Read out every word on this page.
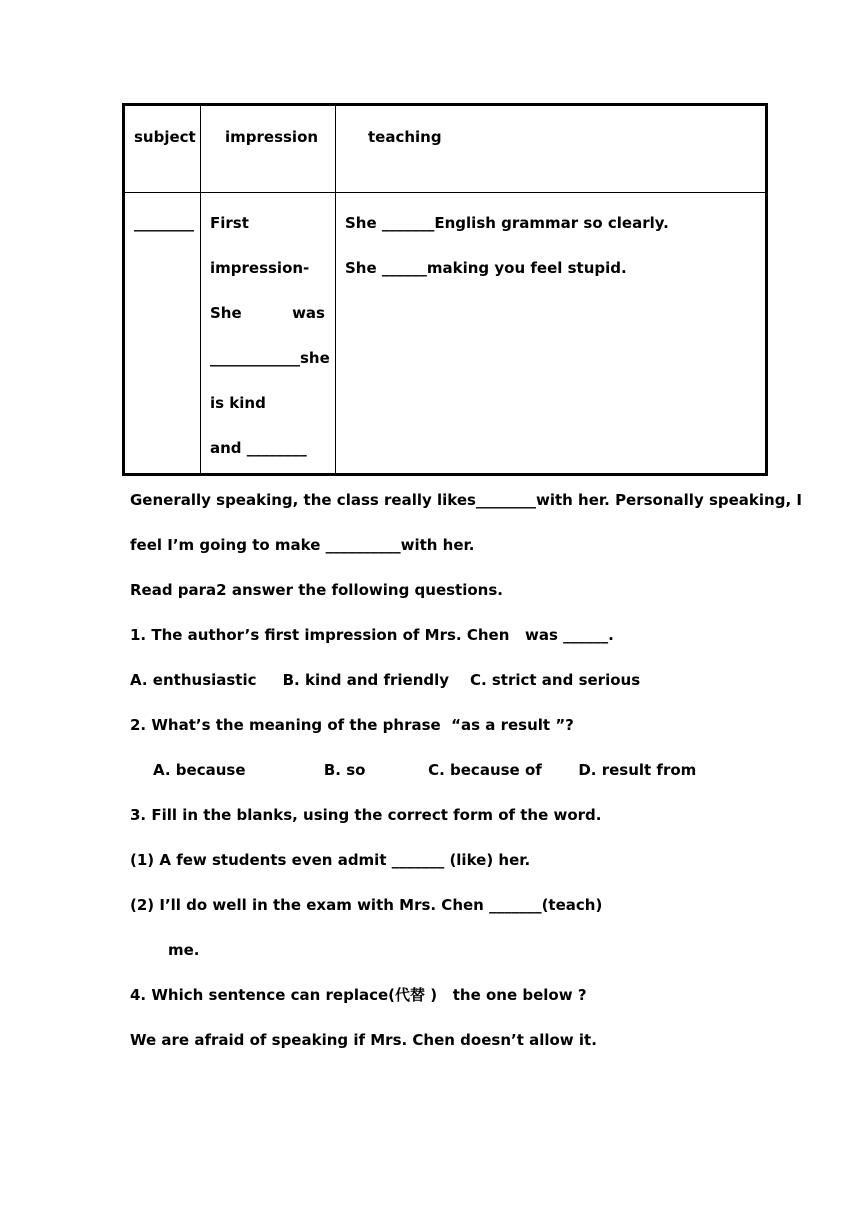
subject impression	teaching
________ First
impression-
She	was
____________she
is kind
and ________
She _______English grammar so clearly.
She ______making you feel stupid.
Generally speaking, the class really likes________with her. Personally speaking, I
feel I’m going to make __________with her.
Read para2 answer the following questions.
1. The author’s first impression of Mrs. Chen   was ______.
A. enthusiastic     B. kind and friendly    C. strict and serious
2. What’s the meaning of the phrase  “as a result ”?
A. because               B. so            C. because of       D. result from
3. Fill in the blanks, using the correct form of the word.
(1) A few students even admit _______ (like) her.
(2) I’ll do well in the exam with Mrs. Chen _______(teach)
me.
4. Which sentence can replace(代替 )   the one below ?
We are afraid of speaking if Mrs. Chen doesn’t allow it.
